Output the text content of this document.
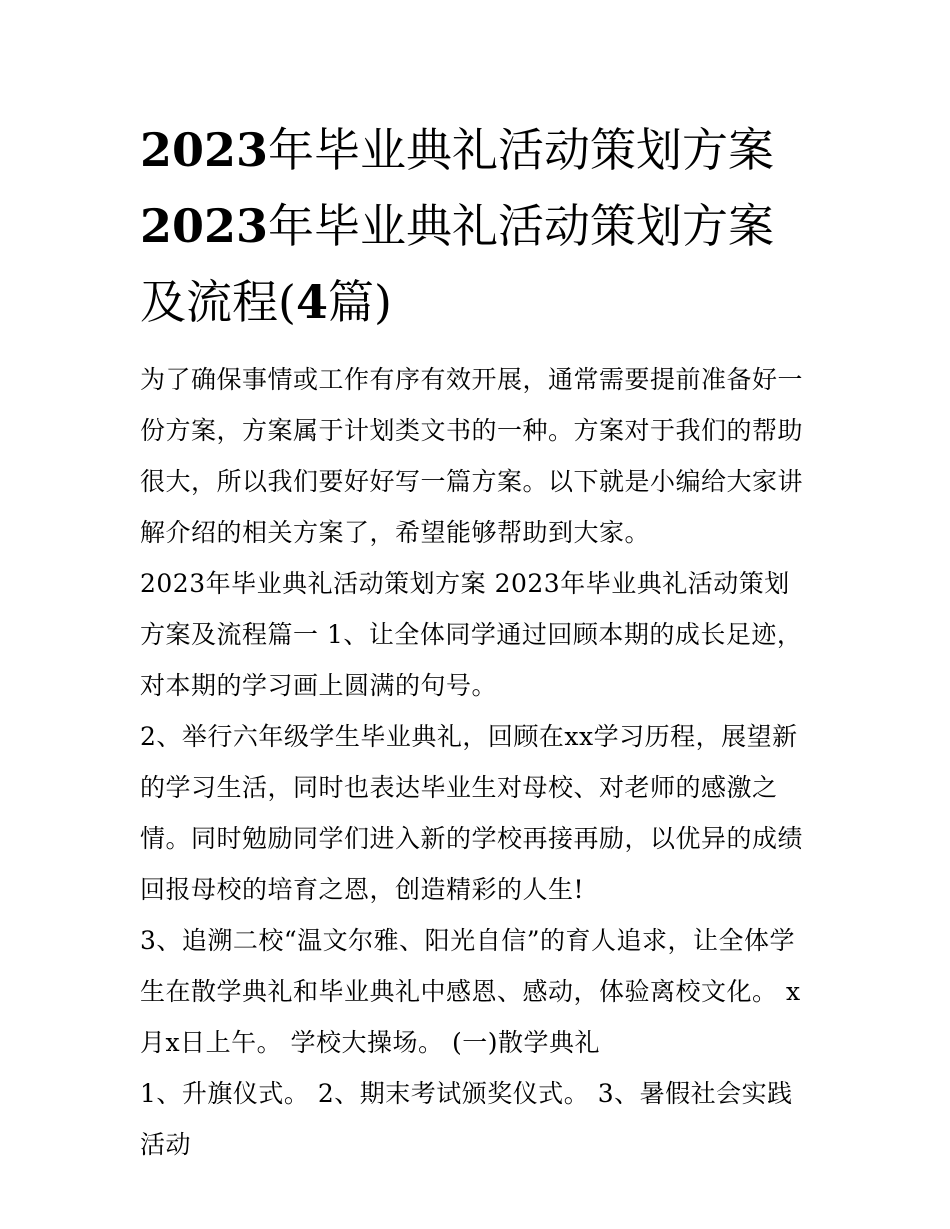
2023年毕业典礼活动策划方案2023年毕业典礼活动策划方案及流程(4篇)

为了确保事情或工作有序有效开展，通常需要提前准备好一份方案，方案属于计划类文书的一种。方案对于我们的帮助很大，所以我们要好好写一篇方案。以下就是小编给大家讲解介绍的相关方案了，希望能够帮助到大家。

2023年毕业典礼活动策划方案 2023年毕业典礼活动策划方案及流程篇一 1、让全体同学通过回顾本期的成长足迹，对本期的学习画上圆满的句号。

2、举行六年级学生毕业典礼，回顾在xx学习历程，展望新的学习生活，同时也表达毕业生对母校、对老师的感激之情。同时勉励同学们进入新的学校再接再励，以优异的成绩回报母校的培育之恩，创造精彩的人生!

3、追溯二校“温文尔雅、阳光自信”的育人追求，让全体学生在散学典礼和毕业典礼中感恩、感动，体验离校文化。 x月x日上午。 学校大操场。 (一)散学典礼

1、升旗仪式。 2、期末考试颁奖仪式。 3、暑假社会实践活动
